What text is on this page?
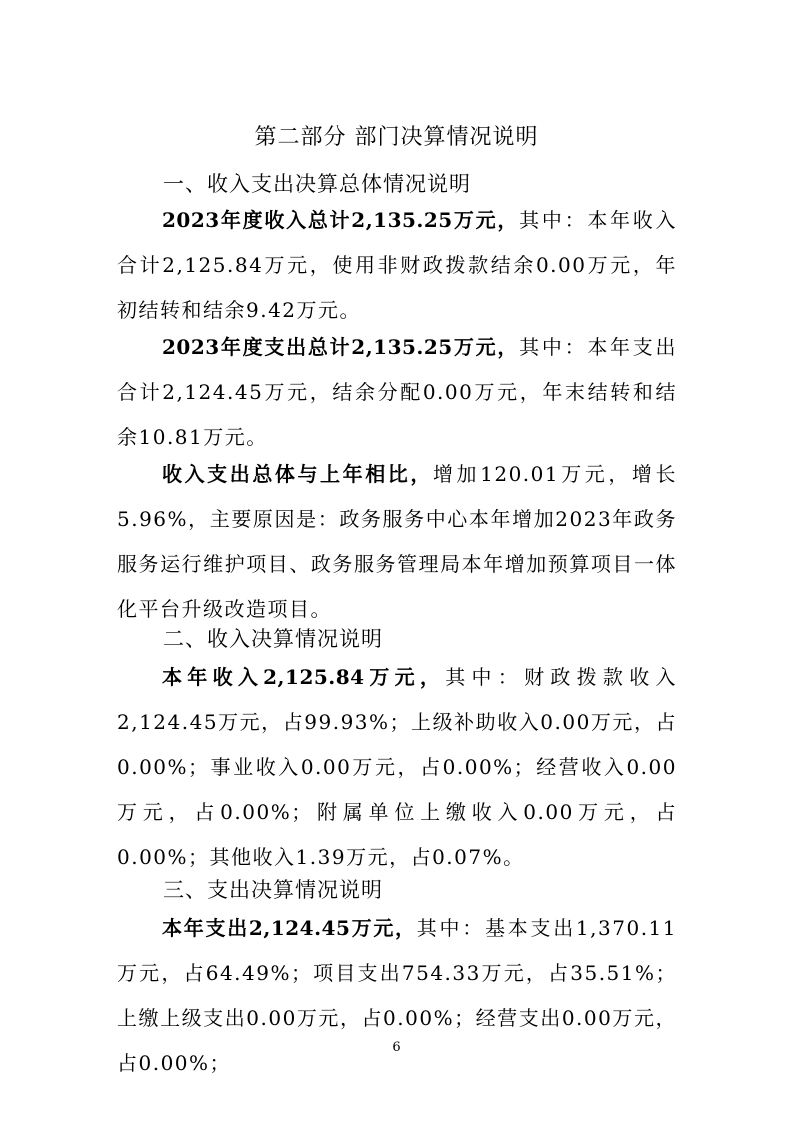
第二部分 部门决算情况说明
一、收入支出决算总体情况说明
2023年度收入总计2,135.25万元，其中：本年收入合计2,125.84万元，使用非财政拨款结余0.00万元，年初结转和结余9.42万元。
2023年度支出总计2,135.25万元，其中：本年支出合计2,124.45万元，结余分配0.00万元，年末结转和结余10.81万元。
收入支出总体与上年相比，增加120.01万元，增长5.96%，主要原因是：政务服务中心本年增加2023年政务服务运行维护项目、政务服务管理局本年增加预算项目一体化平台升级改造项目。
二、收入决算情况说明
本年收入2,125.84万元，其中：财政拨款收入2,124.45万元，占99.93%；上级补助收入0.00万元，占0.00%；事业收入0.00万元，占0.00%；经营收入0.00万元，占0.00%；附属单位上缴收入0.00万元，占0.00%；其他收入1.39万元，占0.07%。
三、支出决算情况说明
本年支出2,124.45万元，其中：基本支出1,370.11万元，占64.49%；项目支出754.33万元，占35.51%；上缴上级支出0.00万元，占0.00%；经营支出0.00万元，占0.00%；
6
